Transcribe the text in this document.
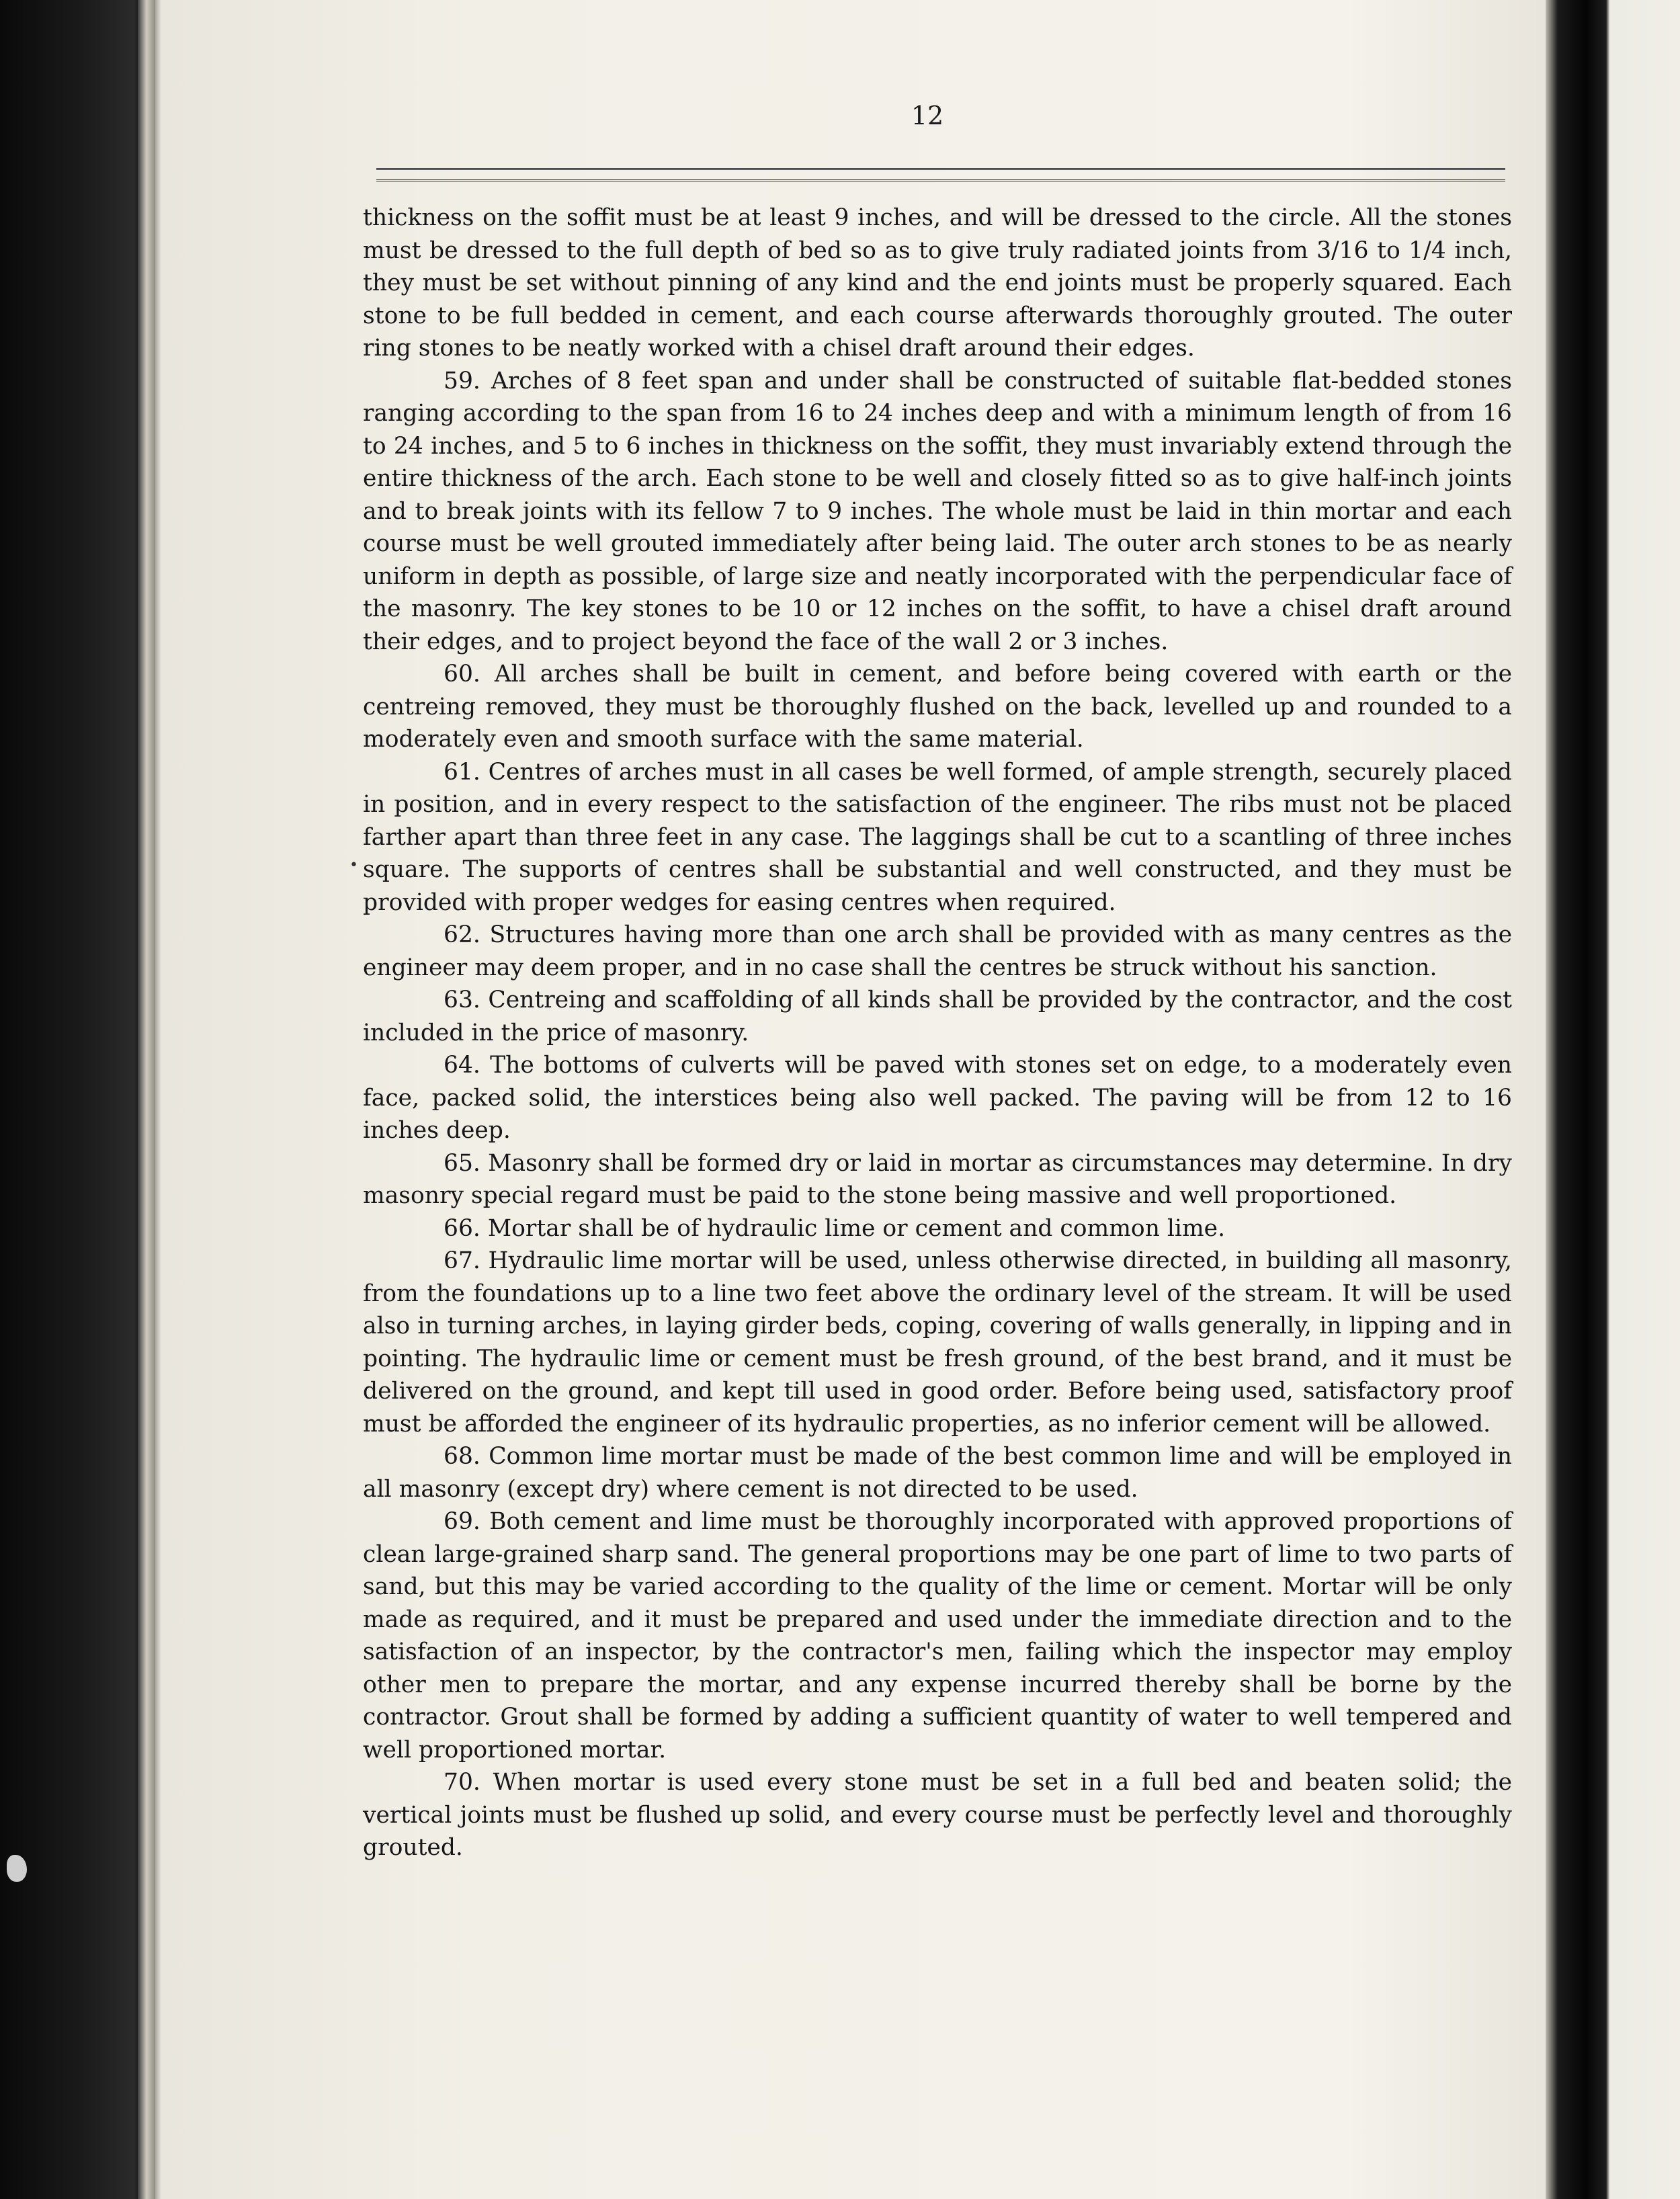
12
•

thickness on the soffit must be at least 9 inches, and will be dressed to the circle. All the stones must be dressed to the full depth of bed so as to give truly radiated joints from 3/16 to 1/4 inch, they must be set without pinning of any kind and the end joints must be properly squared. Each stone to be full bedded in cement, and each course afterwards thoroughly grouted. The outer ring stones to be neatly worked with a chisel draft around their edges.

59. Arches of 8 feet span and under shall be constructed of suitable flat-bedded stones ranging according to the span from 16 to 24 inches deep and with a minimum length of from 16 to 24 inches, and 5 to 6 inches in thickness on the soffit, they must invariably extend through the entire thickness of the arch. Each stone to be well and closely fitted so as to give half-inch joints and to break joints with its fellow 7 to 9 inches. The whole must be laid in thin mortar and each course must be well grouted immediately after being laid. The outer arch stones to be as nearly uniform in depth as possible, of large size and neatly incorporated with the perpendicular face of the masonry. The key stones to be 10 or 12 inches on the soffit, to have a chisel draft around their edges, and to project beyond the face of the wall 2 or 3 inches.

60. All arches shall be built in cement, and before being covered with earth or the centreing removed, they must be thoroughly flushed on the back, levelled up and rounded to a moderately even and smooth surface with the same material.

61. Centres of arches must in all cases be well formed, of ample strength, securely placed in position, and in every respect to the satisfaction of the engineer. The ribs must not be placed farther apart than three feet in any case. The laggings shall be cut to a scantling of three inches square. The supports of centres shall be substantial and well constructed, and they must be provided with proper wedges for easing centres when required.

62. Structures having more than one arch shall be provided with as many centres as the engineer may deem proper, and in no case shall the centres be struck without his sanction.

63. Centreing and scaffolding of all kinds shall be provided by the contractor, and the cost included in the price of masonry.

64. The bottoms of culverts will be paved with stones set on edge, to a moderately even face, packed solid, the interstices being also well packed. The paving will be from 12 to 16 inches deep.

65. Masonry shall be formed dry or laid in mortar as circumstances may determine. In dry masonry special regard must be paid to the stone being massive and well proportioned.

66. Mortar shall be of hydraulic lime or cement and common lime.

67. Hydraulic lime mortar will be used, unless otherwise directed, in building all masonry, from the foundations up to a line two feet above the ordinary level of the stream. It will be used also in turning arches, in laying girder beds, coping, covering of walls generally, in lipping and in pointing. The hydraulic lime or cement must be fresh ground, of the best brand, and it must be delivered on the ground, and kept till used in good order. Before being used, satisfactory proof must be afforded the engineer of its hydraulic properties, as no inferior cement will be allowed.

68. Common lime mortar must be made of the best common lime and will be employed in all masonry (except dry) where cement is not directed to be used.

69. Both cement and lime must be thoroughly incorporated with approved proportions of clean large-grained sharp sand. The general proportions may be one part of lime to two parts of sand, but this may be varied according to the quality of the lime or cement. Mortar will be only made as required, and it must be prepared and used under the immediate direction and to the satisfaction of an inspector, by the contractor's men, failing which the inspector may employ other men to prepare the mortar, and any expense incurred thereby shall be borne by the contractor. Grout shall be formed by adding a sufficient quantity of water to well tempered and well proportioned mortar.

70. When mortar is used every stone must be set in a full bed and beaten solid; the vertical joints must be flushed up solid, and every course must be perfectly level and thoroughly grouted.
